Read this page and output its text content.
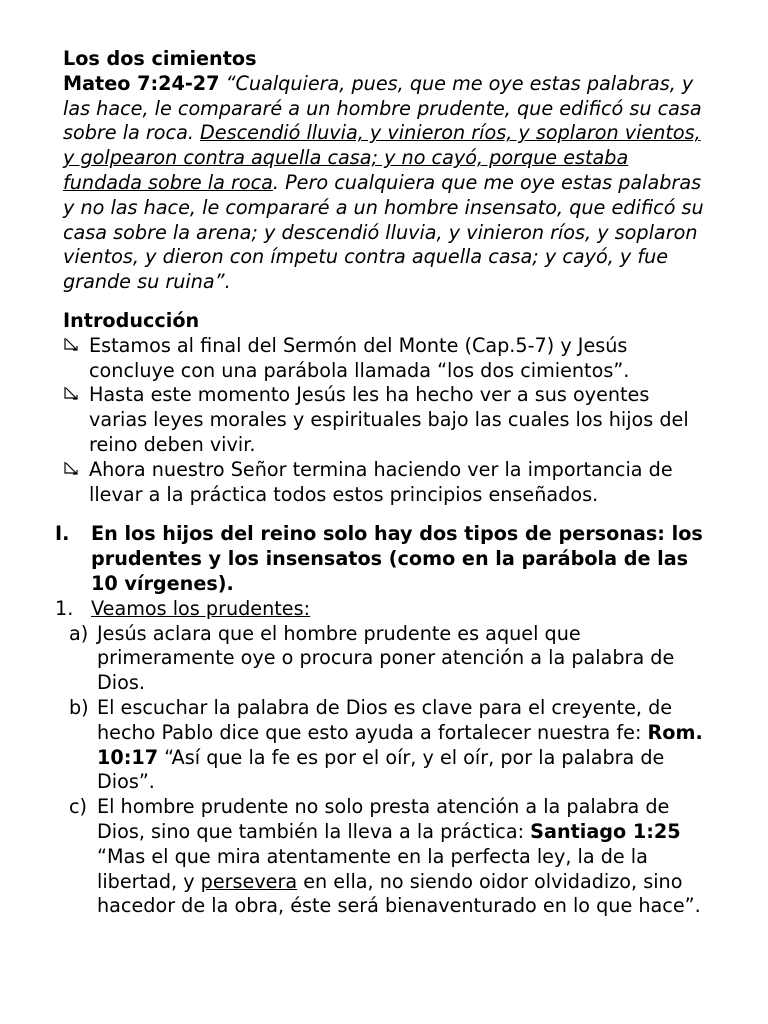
Los dos cimientos

Mateo 7:24-27 “Cualquiera, pues, que me oye estas palabras, y las hace, le compararé a un hombre prudente, que edificó su casa sobre la roca. Descendió lluvia, y vinieron ríos, y soplaron vientos, y golpearon contra aquella casa; y no cayó, porque estaba fundada sobre la roca. Pero cualquiera que me oye estas palabras y no las hace, le compararé a un hombre insensato, que edificó su casa sobre la arena; y descendió lluvia, y vinieron ríos, y soplaron vientos, y dieron con ímpetu contra aquella casa; y cayó, y fue grande su ruina”.

Introducción

Estamos al final del Sermón del Monte (Cap.5-7) y Jesús concluye con una parábola llamada “los dos cimientos”.
Hasta este momento Jesús les ha hecho ver a sus oyentes varias leyes morales y espirituales bajo las cuales los hijos del reino deben vivir.
Ahora nuestro Señor termina haciendo ver la importancia de llevar a la práctica todos estos principios enseñados.
I. En los hijos del reino solo hay dos tipos de personas: los prudentes y los insensatos (como en la parábola de las 10 vírgenes).
1. Veamos los prudentes:
a) Jesús aclara que el hombre prudente es aquel que primeramente oye o procura poner atención a la palabra de Dios.
b) El escuchar la palabra de Dios es clave para el creyente, de hecho Pablo dice que esto ayuda a fortalecer nuestra fe: Rom. 10:17 “Así que la fe es por el oír, y el oír, por la palabra de Dios”.
c) El hombre prudente no solo presta atención a la palabra de Dios, sino que también la lleva a la práctica: Santiago 1:25 “Mas el que mira atentamente en la perfecta ley, la de la libertad, y persevera en ella, no siendo oidor olvidadizo, sino hacedor de la obra, éste será bienaventurado en lo que hace”.
